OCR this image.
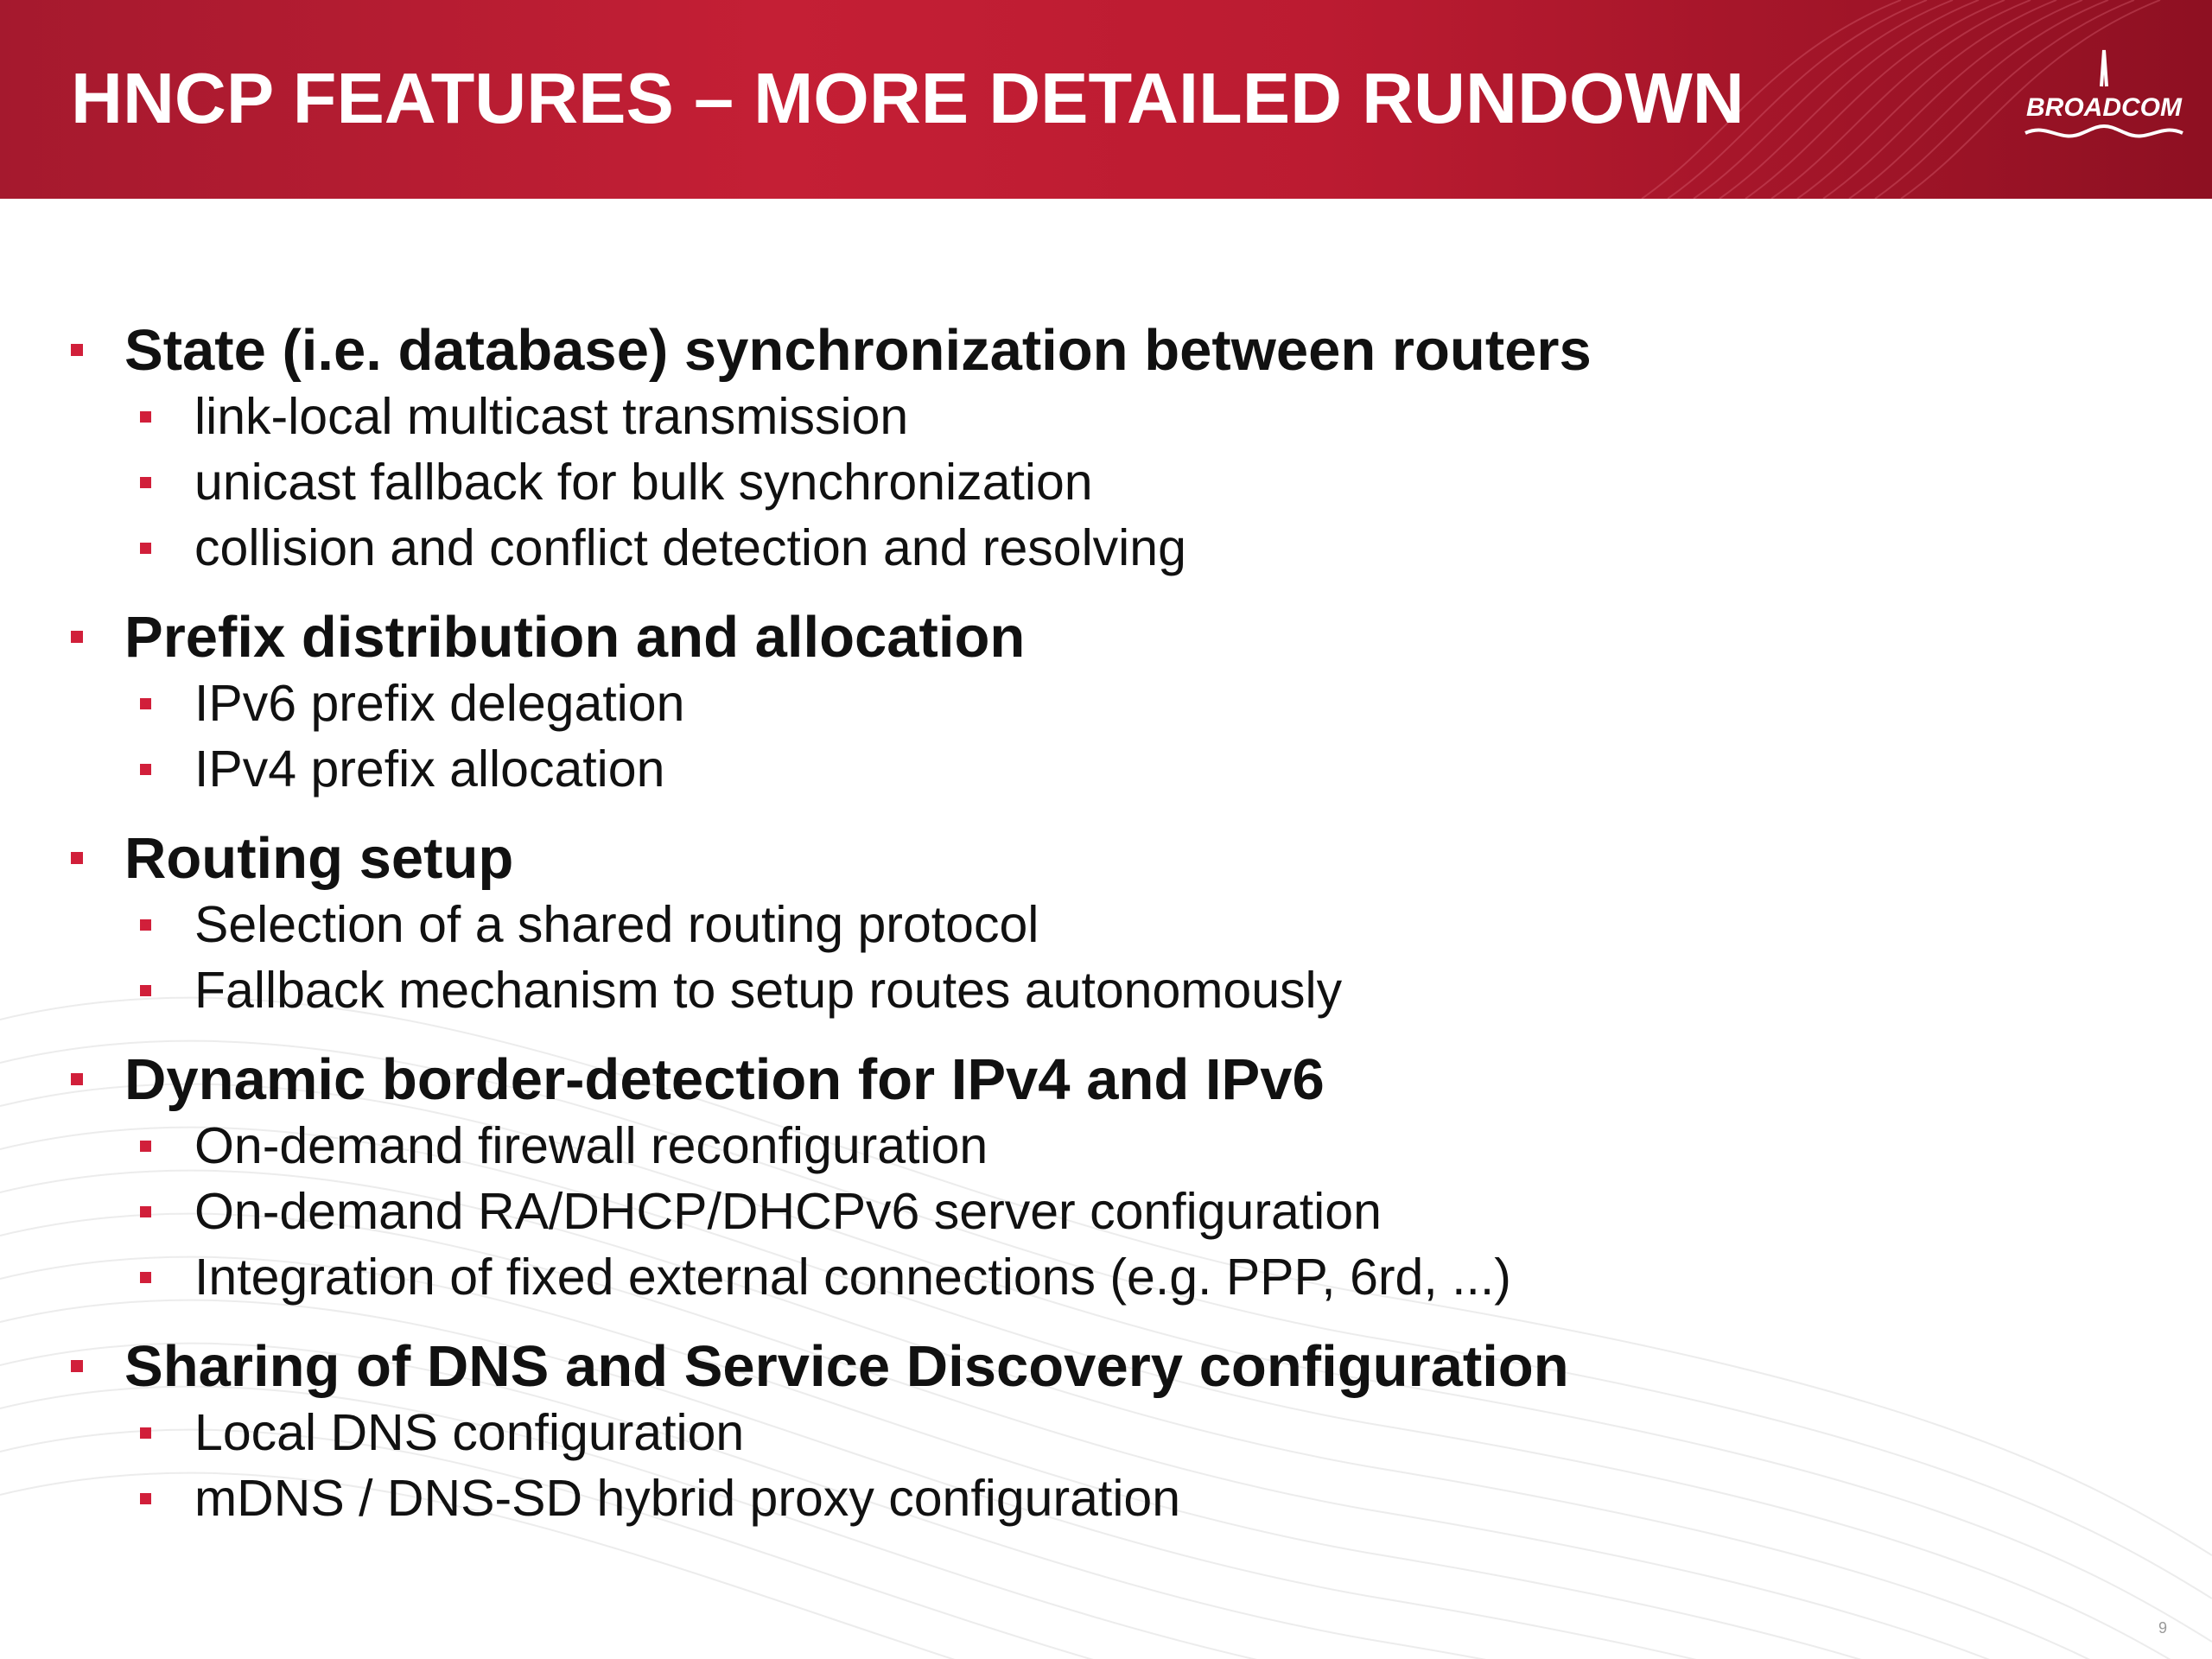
HNCP FEATURES – MORE DETAILED RUNDOWN	BROADCOM
State (i.e. database) synchronization between routers
link-local multicast transmission
unicast fallback for bulk synchronization
collision and conflict detection and resolving
Prefix distribution and allocation
IPv6 prefix delegation
IPv4 prefix allocation
Routing setup
Selection of a shared routing protocol
Fallback mechanism to setup routes autonomously
Dynamic border-detection for IPv4 and IPv6
On-demand firewall reconfiguration
On-demand RA/DHCP/DHCPv6 server configuration
Integration of fixed external connections (e.g. PPP, 6rd, ...)
Sharing of DNS and Service Discovery configuration
Local DNS configuration
mDNS / DNS-SD hybrid proxy configuration
9
